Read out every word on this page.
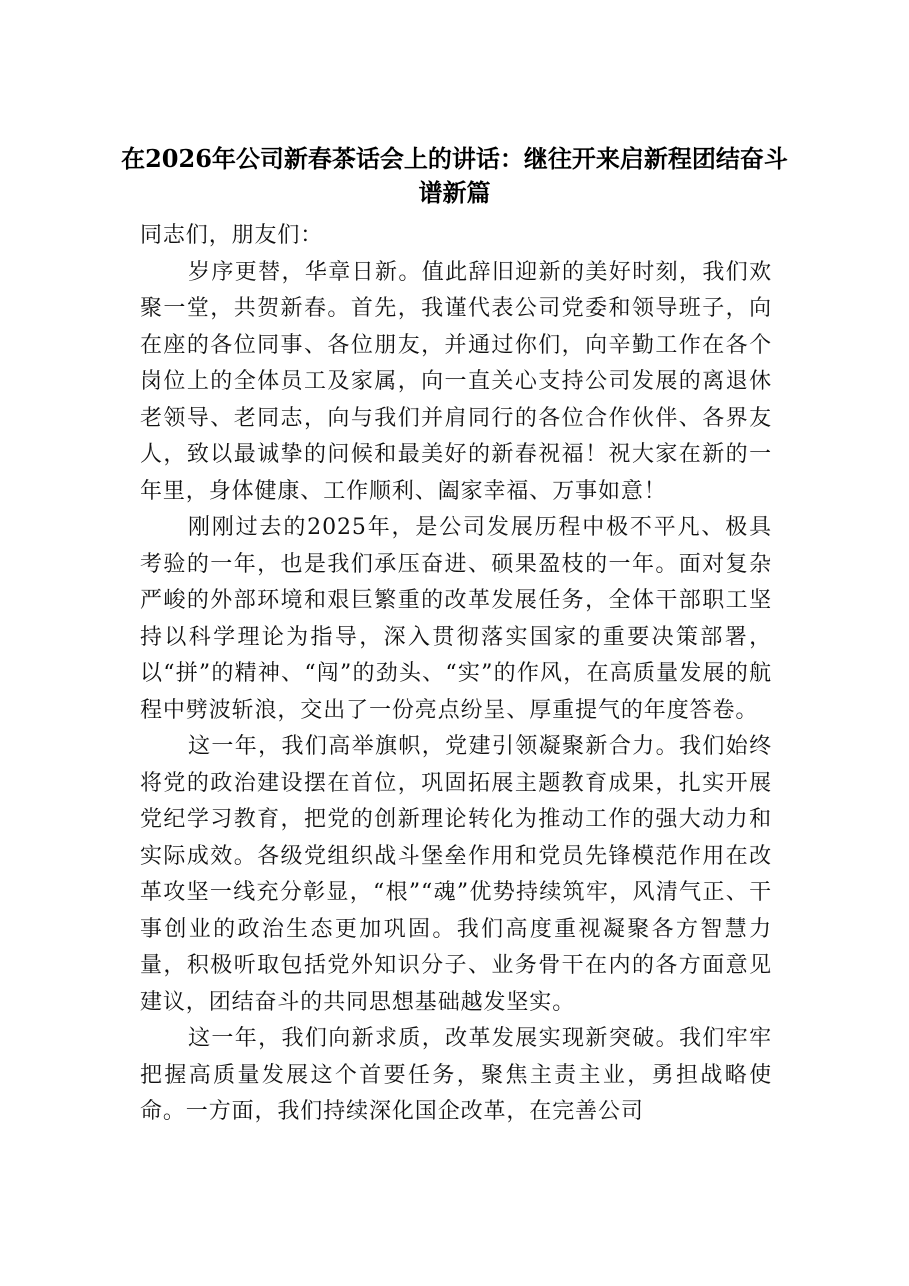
在2026年公司新春茶话会上的讲话：继往开来启新程团结奋斗谱新篇

同志们，朋友们：

岁序更替，华章日新。值此辞旧迎新的美好时刻，我们欢聚一堂，共贺新春。首先，我谨代表公司党委和领导班子，向在座的各位同事、各位朋友，并通过你们，向辛勤工作在各个岗位上的全体员工及家属，向一直关心支持公司发展的离退休老领导、老同志，向与我们并肩同行的各位合作伙伴、各界友人，致以最诚挚的问候和最美好的新春祝福！祝大家在新的一年里，身体健康、工作顺利、阖家幸福、万事如意！

刚刚过去的2025年，是公司发展历程中极不平凡、极具考验的一年，也是我们承压奋进、硕果盈枝的一年。面对复杂严峻的外部环境和艰巨繁重的改革发展任务，全体干部职工坚持以科学理论为指导，深入贯彻落实国家的重要决策部署，以“拼”的精神、“闯”的劲头、“实”的作风，在高质量发展的航程中劈波斩浪，交出了一份亮点纷呈、厚重提气的年度答卷。

这一年，我们高举旗帜，党建引领凝聚新合力。我们始终将党的政治建设摆在首位，巩固拓展主题教育成果，扎实开展党纪学习教育，把党的创新理论转化为推动工作的强大动力和实际成效。各级党组织战斗堡垒作用和党员先锋模范作用在改革攻坚一线充分彰显，“根”“魂”优势持续筑牢，风清气正、干事创业的政治生态更加巩固。我们高度重视凝聚各方智慧力量，积极听取包括党外知识分子、业务骨干在内的各方面意见建议，团结奋斗的共同思想基础越发坚实。

这一年，我们向新求质，改革发展实现新突破。我们牢牢把握高质量发展这个首要任务，聚焦主责主业，勇担战略使命。一方面，我们持续深化国企改革，在完善公司
